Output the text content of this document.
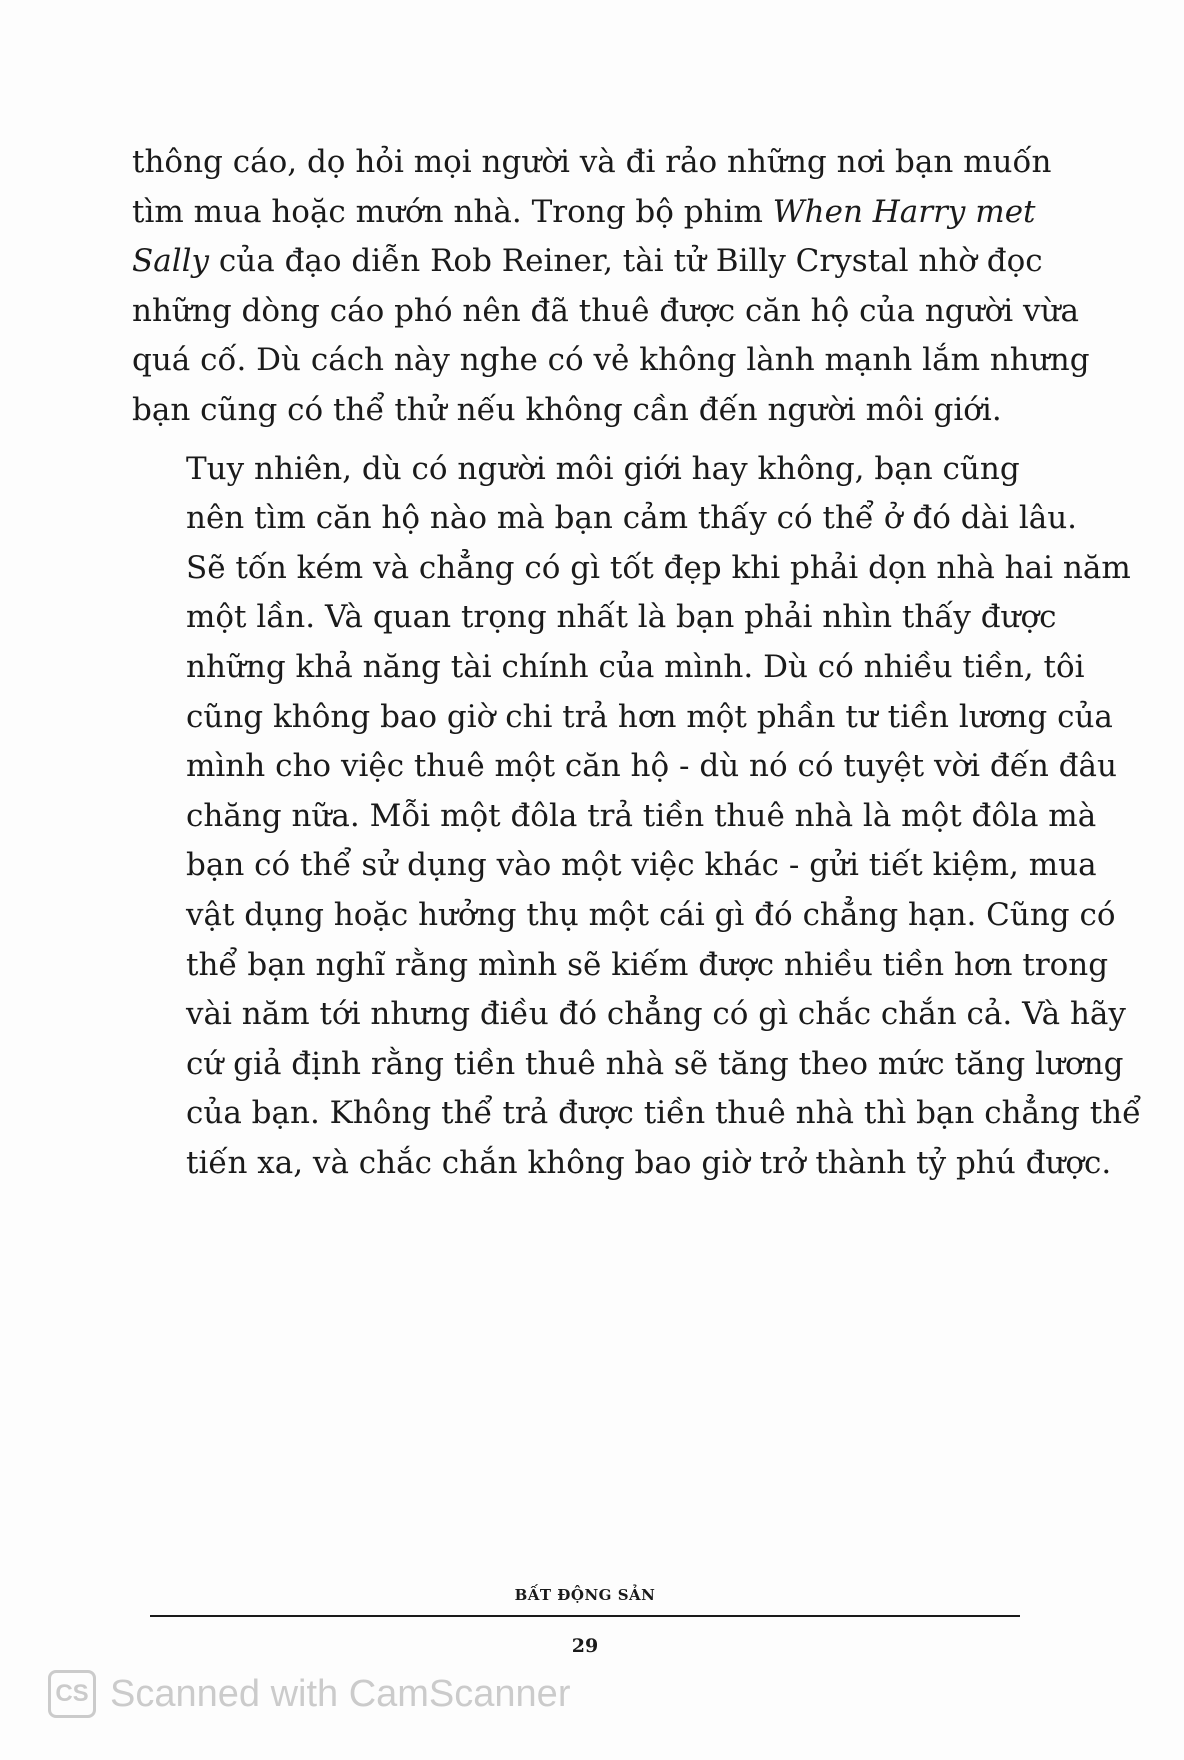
thông cáo, dọ hỏi mọi người và đi rảo những nơi bạn muốn
tìm mua hoặc mướn nhà. Trong bộ phim When Harry met
Sally của đạo diễn Rob Reiner, tài tử Billy Crystal nhờ đọc
những dòng cáo phó nên đã thuê được căn hộ của người vừa
quá cố. Dù cách này nghe có vẻ không lành mạnh lắm nhưng
bạn cũng có thể thử nếu không cần đến người môi giới.

Tuy nhiên, dù có người môi giới hay không, bạn cũng
nên tìm căn hộ nào mà bạn cảm thấy có thể ở đó dài lâu.
Sẽ tốn kém và chẳng có gì tốt đẹp khi phải dọn nhà hai năm
một lần. Và quan trọng nhất là bạn phải nhìn thấy được
những khả năng tài chính của mình. Dù có nhiều tiền, tôi
cũng không bao giờ chi trả hơn một phần tư tiền lương của
mình cho việc thuê một căn hộ - dù nó có tuyệt vời đến đâu
chăng nữa. Mỗi một đôla trả tiền thuê nhà là một đôla mà
bạn có thể sử dụng vào một việc khác - gửi tiết kiệm, mua
vật dụng hoặc hưởng thụ một cái gì đó chẳng hạn. Cũng có
thể bạn nghĩ rằng mình sẽ kiếm được nhiều tiền hơn trong
vài năm tới nhưng điều đó chẳng có gì chắc chắn cả. Và hãy
cứ giả định rằng tiền thuê nhà sẽ tăng theo mức tăng lương
của bạn. Không thể trả được tiền thuê nhà thì bạn chẳng thể
tiến xa, và chắc chắn không bao giờ trở thành tỷ phú được.

BẤT ĐỘNG SẢN
29
CS Scanned with CamScanner
